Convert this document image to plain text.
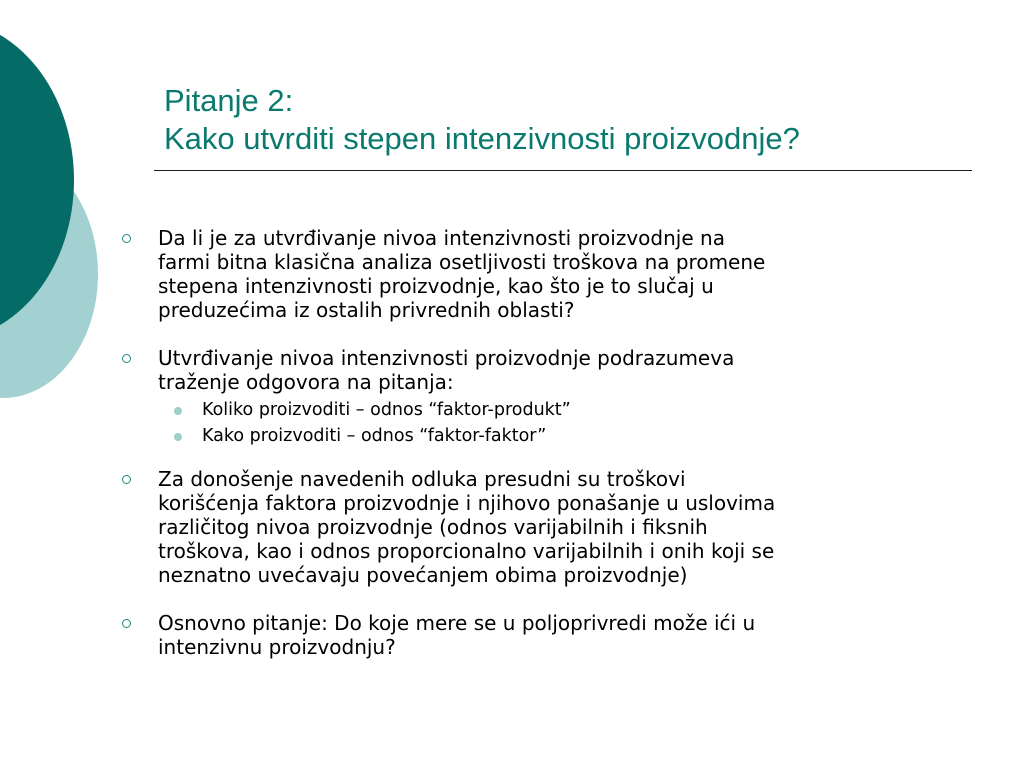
Pitanje 2:
Kako utvrditi stepen intenzivnosti proizvodnje?
Da li je za utvrđivanje nivoa intenzivnosti proizvodnje na
farmi bitna klasična analiza osetljivosti troškova na promene
stepena intenzivnosti proizvodnje, kao što je to slučaj u
preduzećima iz ostalih privrednih oblasti?
Utvrđivanje nivoa intenzivnosti proizvodnje podrazumeva
traženje odgovora na pitanja:
Koliko proizvoditi – odnos “faktor-produkt”
Kako proizvoditi – odnos “faktor-faktor”
Za donošenje navedenih odluka presudni su troškovi
korišćenja faktora proizvodnje i njihovo ponašanje u uslovima
različitog nivoa proizvodnje (odnos varijabilnih i fiksnih
troškova, kao i odnos proporcionalno varijabilnih i onih koji se
neznatno uvećavaju povećanjem obima proizvodnje)
Osnovno pitanje: Do koje mere se u poljoprivredi može ići u
intenzivnu proizvodnju?
